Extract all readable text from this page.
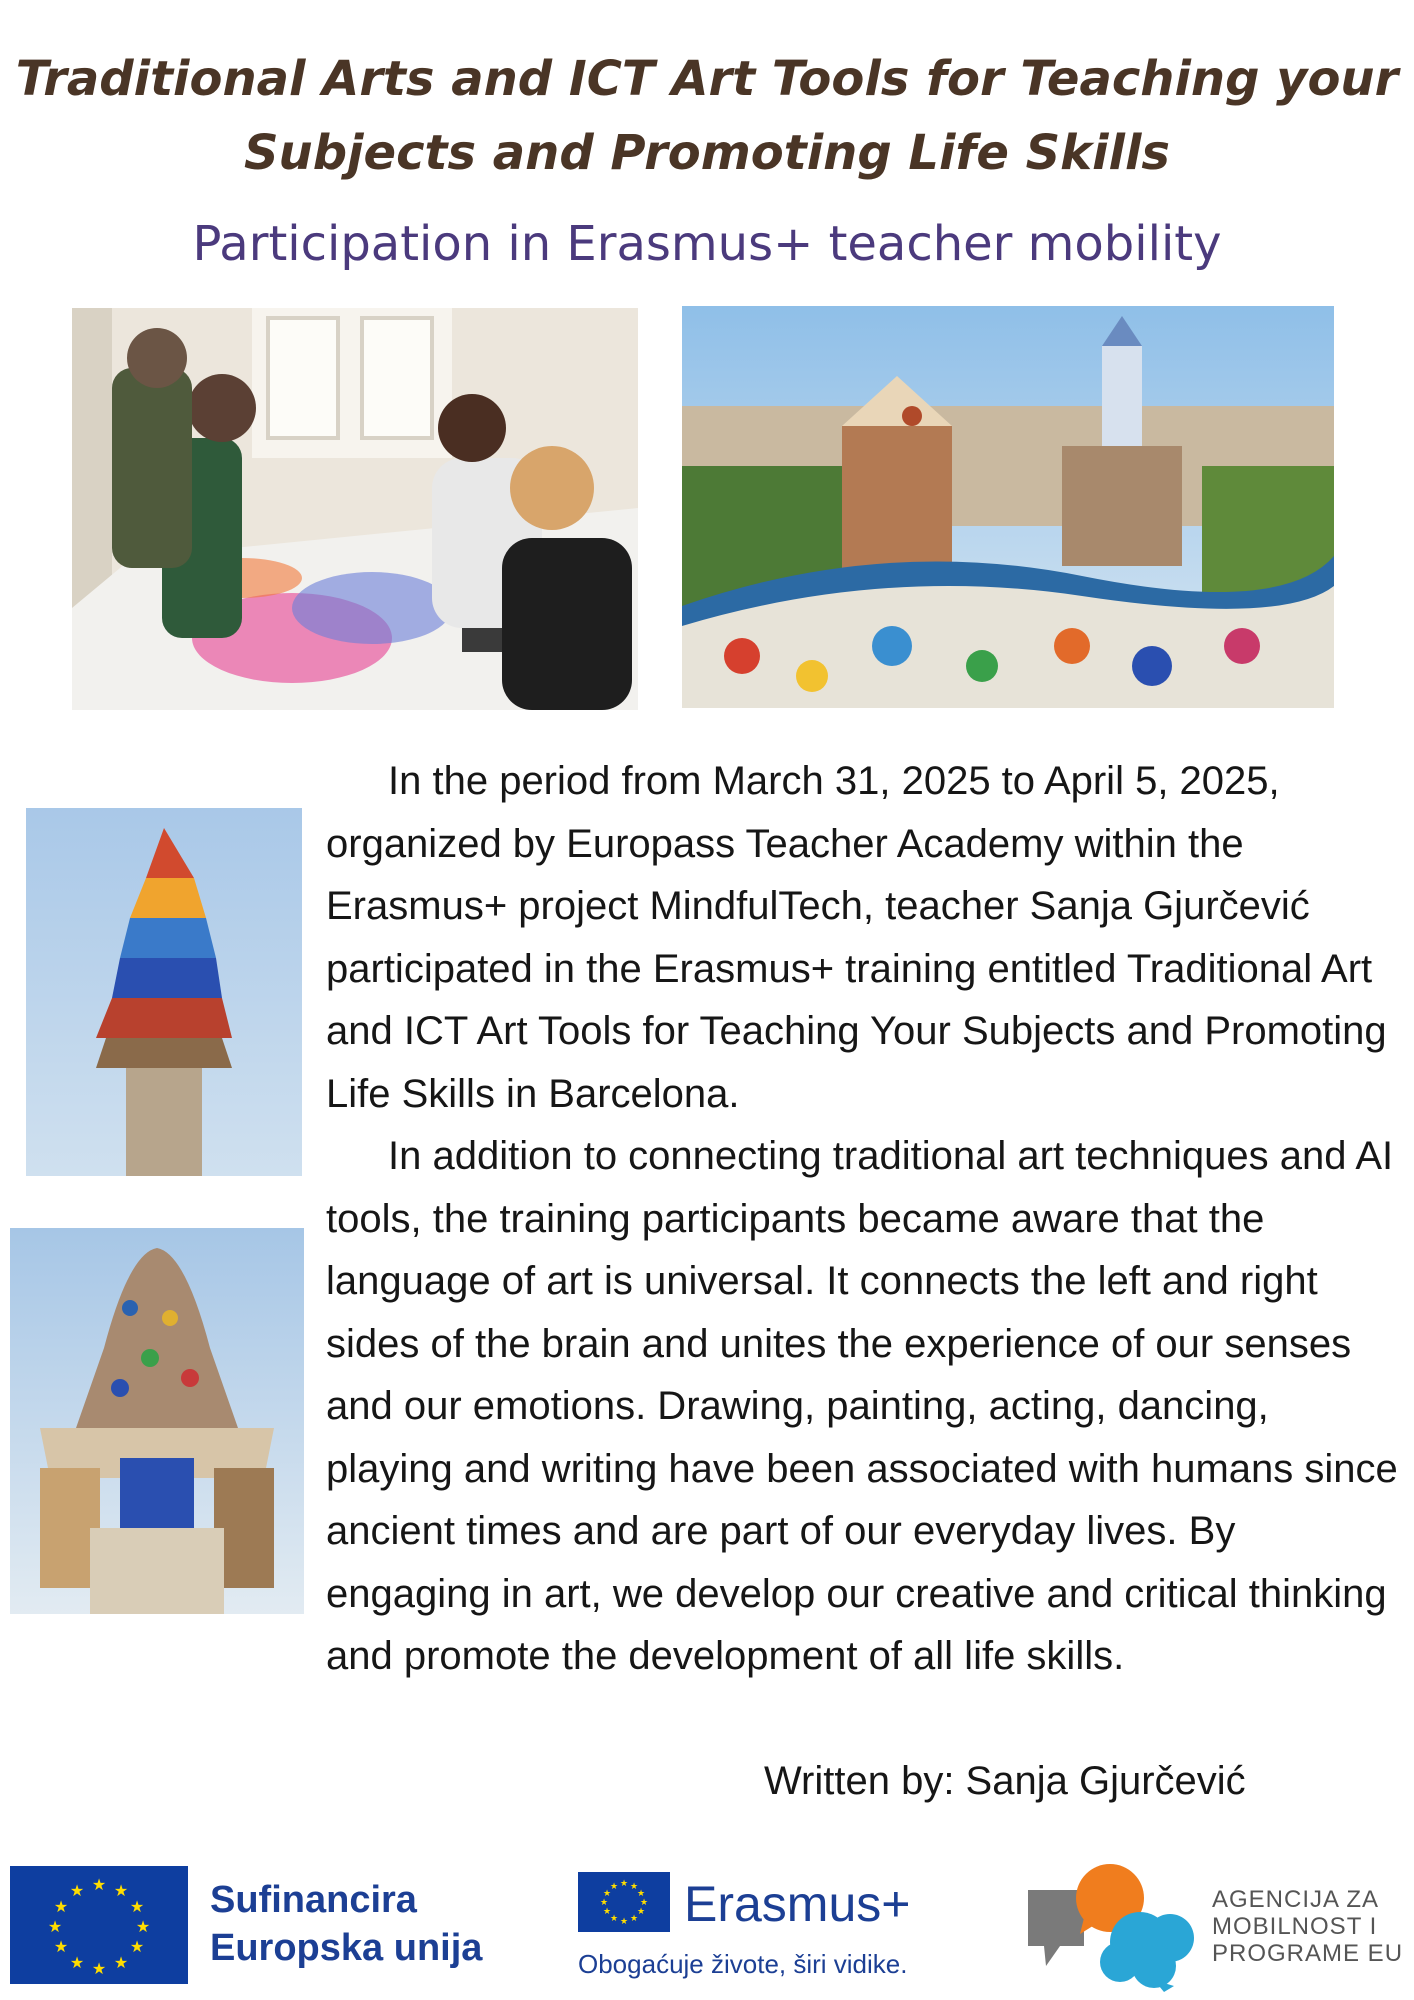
Traditional Arts and ICT Art Tools for Teaching your
Subjects and Promoting Life Skills
Participation in Erasmus+ teacher mobility

In the period from March 31, 2025 to April 5, 2025, organized by Europass Teacher Academy within the Erasmus+ project MindfulTech, teacher Sanja Gjurčević participated in the Erasmus+ training entitled Traditional Art and ICT Art Tools for Teaching Your Subjects and Promoting Life Skills in Barcelona.

In addition to connecting traditional art techniques and AI tools, the training participants became aware that the language of art is universal. It connects the left and right sides of the brain and unites the experience of our senses and our emotions. Drawing, painting, acting, dancing, playing and writing have been associated with humans since ancient times and are part of our everyday lives. By engaging in art, we develop our creative and critical thinking and promote the development of all life skills.

Written by: Sanja Gjurčević
★ ★
★
★
★
★
★
★
★
★
★
★	Sufinancira
Europska unija
★ ★
★
★
★
★
★
★
★
★
★
★ Erasmus+
Obogaćuje živote, širi vidike.
AGENCIJA ZA
MOBILNOST I
PROGRAME EU
